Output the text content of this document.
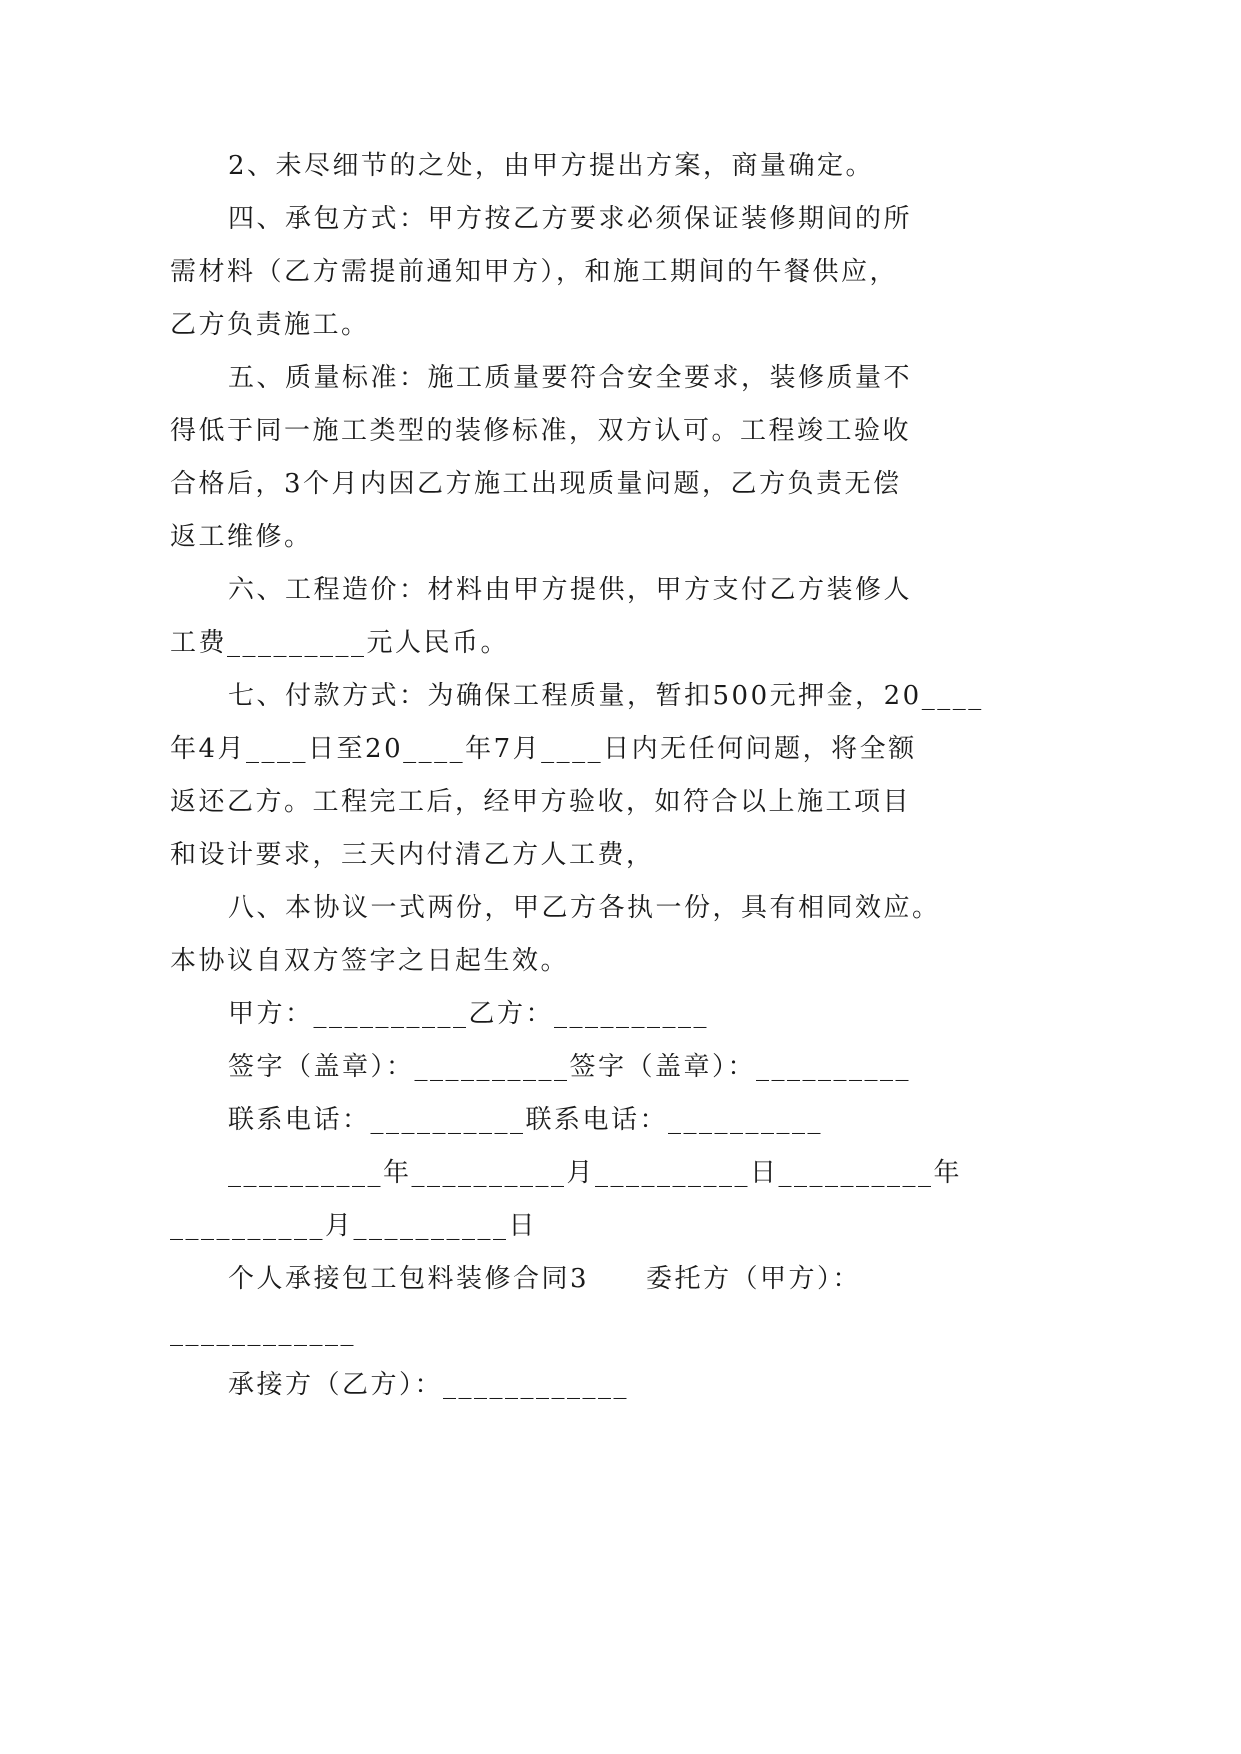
2、未尽细节的之处，由甲方提出方案，商量确定。
四、承包方式：甲方按乙方要求必须保证装修期间的所
需材料（乙方需提前通知甲方），和施工期间的午餐供应，
乙方负责施工。
五、质量标准：施工质量要符合安全要求，装修质量不
得低于同一施工类型的装修标准，双方认可。工程竣工验收
合格后，3个月内因乙方施工出现质量问题，乙方负责无偿
返工维修。
六、工程造价：材料由甲方提供，甲方支付乙方装修人
工费_________元人民币。
七、付款方式：为确保工程质量，暂扣500元押金，20____
年4月____日至20____年7月____日内无任何问题，将全额
返还乙方。工程完工后，经甲方验收，如符合以上施工项目
和设计要求，三天内付清乙方人工费，
八、本协议一式两份，甲乙方各执一份，具有相同效应。
本协议自双方签字之日起生效。
甲方：__________乙方：__________
签字（盖章）：__________签字（盖章）：__________
联系电话：__________联系电话：__________
__________年__________月__________日__________年
__________月__________日
个人承接包工包料装修合同3　　委托方（甲方）：
____________
承接方（乙方）：____________
